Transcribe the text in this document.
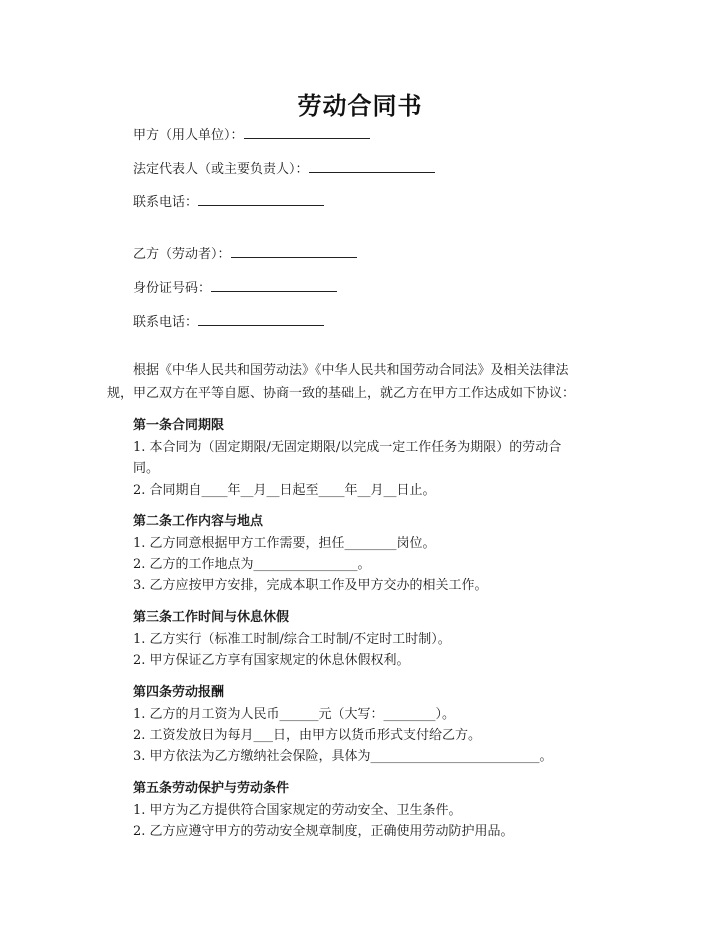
劳动合同书
甲方（用人单位）：
法定代表人（或主要负责人）：
联系电话：
乙方（劳动者）：
身份证号码：
联系电话：
根据《中华人民共和国劳动法》《中华人民共和国劳动合同法》及相关法律法
规，甲乙双方在平等自愿、协商一致的基础上，就乙方在甲方工作达成如下协议：
第一条合同期限
1. 本合同为（固定期限/无固定期限/以完成一定工作任务为期限）的劳动合
同。
2. 合同期自____年__月__日起至____年__月__日止。
第二条工作内容与地点
1. 乙方同意根据甲方工作需要，担任________岗位。
2. 乙方的工作地点为________________。
3. 乙方应按甲方安排，完成本职工作及甲方交办的相关工作。
第三条工作时间与休息休假
1. 乙方实行（标准工时制/综合工时制/不定时工时制）。
2. 甲方保证乙方享有国家规定的休息休假权利。
第四条劳动报酬
1. 乙方的月工资为人民币______元（大写：________）。
2. 工资发放日为每月___日，由甲方以货币形式支付给乙方。
3. 甲方依法为乙方缴纳社会保险，具体为__________________________。
第五条劳动保护与劳动条件
1. 甲方为乙方提供符合国家规定的劳动安全、卫生条件。
2. 乙方应遵守甲方的劳动安全规章制度，正确使用劳动防护用品。
